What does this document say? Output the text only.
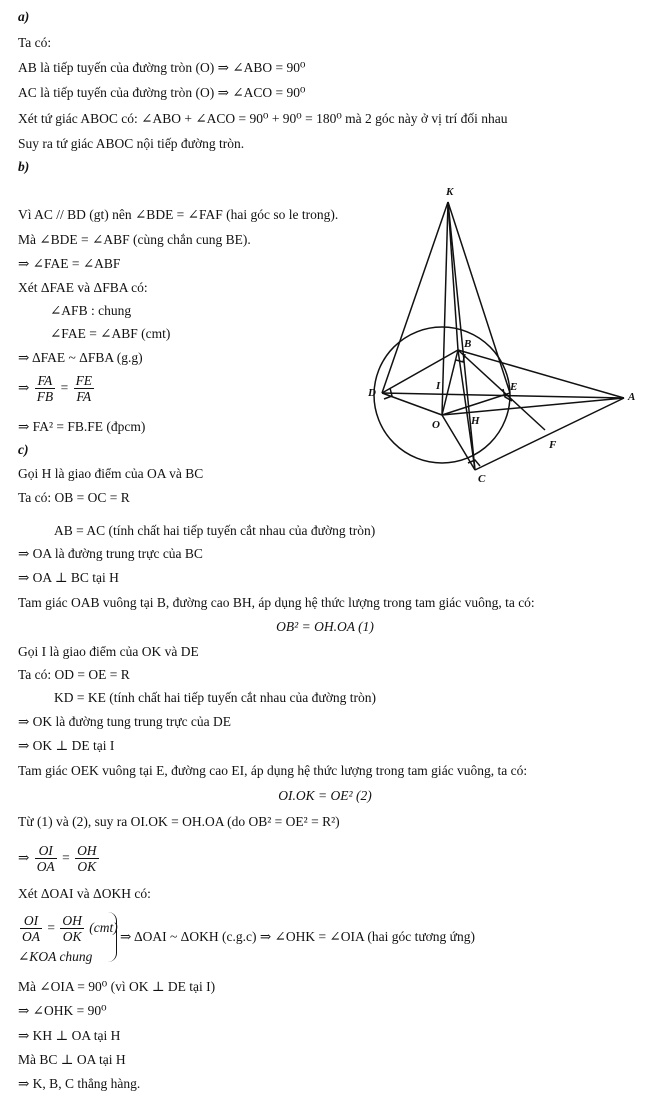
a)
Ta có:
AB là tiếp tuyến của đường tròn (O) ⇒ ∠ABO = 90⁰
AC là tiếp tuyến của đường tròn (O) ⇒ ∠ACO = 90⁰
Xét tứ giác ABOC có: ∠ABO + ∠ACO = 90⁰ + 90⁰ = 180⁰ mà 2 góc này ở vị trí đối nhau
Suy ra tứ giác ABOC nội tiếp đường tròn.
b)
Vì AC // BD (gt) nên ∠BDE = ∠FAF (hai góc so le trong).
Mà ∠BDE = ∠ABF (cùng chắn cung BE).
⇒ ∠FAE = ∠ABF
Xét ΔFAE và ΔFBA có:
∠AFB : chung
∠FAE = ∠ABF (cmt)
⇒ ΔFAE ~ ΔFBA (g.g)
⇒ $\frac{FA}{FB} = \frac{FE}{FA}$
⇒ FA² = FB.FE (đpcm)
c)
Gọi H là giao điểm của OA và BC
Ta có: OB = OC = R
AB = AC (tính chất hai tiếp tuyến cắt nhau của đường tròn)
⇒ OA là đường trung trực của BC
⇒ OA ⊥ BC tại H
Tam giác OAB vuông tại B, đường cao BH, áp dụng hệ thức lượng trong tam giác vuông, ta có:
OB² = OH.OA (1)
Gọi I là giao điểm của OK và DE
Ta có: OD = OE = R
KD = KE (tính chất hai tiếp tuyến cắt nhau của đường tròn)
⇒ OK là đường tung trung trực của DE
⇒ OK ⊥ DE tại I
Tam giác OEK vuông tại E, đường cao EI, áp dụng hệ thức lượng trong tam giác vuông, ta có:
OI.OK = OE² (2)
Từ (1) và (2), suy ra OI.OK = OH.OA (do OB² = OE² = R²)
⇒ $\frac{OI}{OA} = \frac{OH}{OK}$
Xét ΔOAI và ΔOKH có:
$\frac{OI}{OA} = \frac{OH}{OK} (cmt)$
⇒ ΔOAI ~ ΔOKH (c.g.c) ⇒ ∠OHK = ∠OIA (hai góc tương ứng)
∠KOA chung
Mà ∠OIA = 90⁰ (vì OK ⊥ DE tại I)
⇒ ∠OHK = 90⁰
⇒ KH ⊥ OA tại H
Mà BC ⊥ OA tại H
⇒ K, B, C thẳng hàng.
K
B
D
I	E
A
O	H
F
C
